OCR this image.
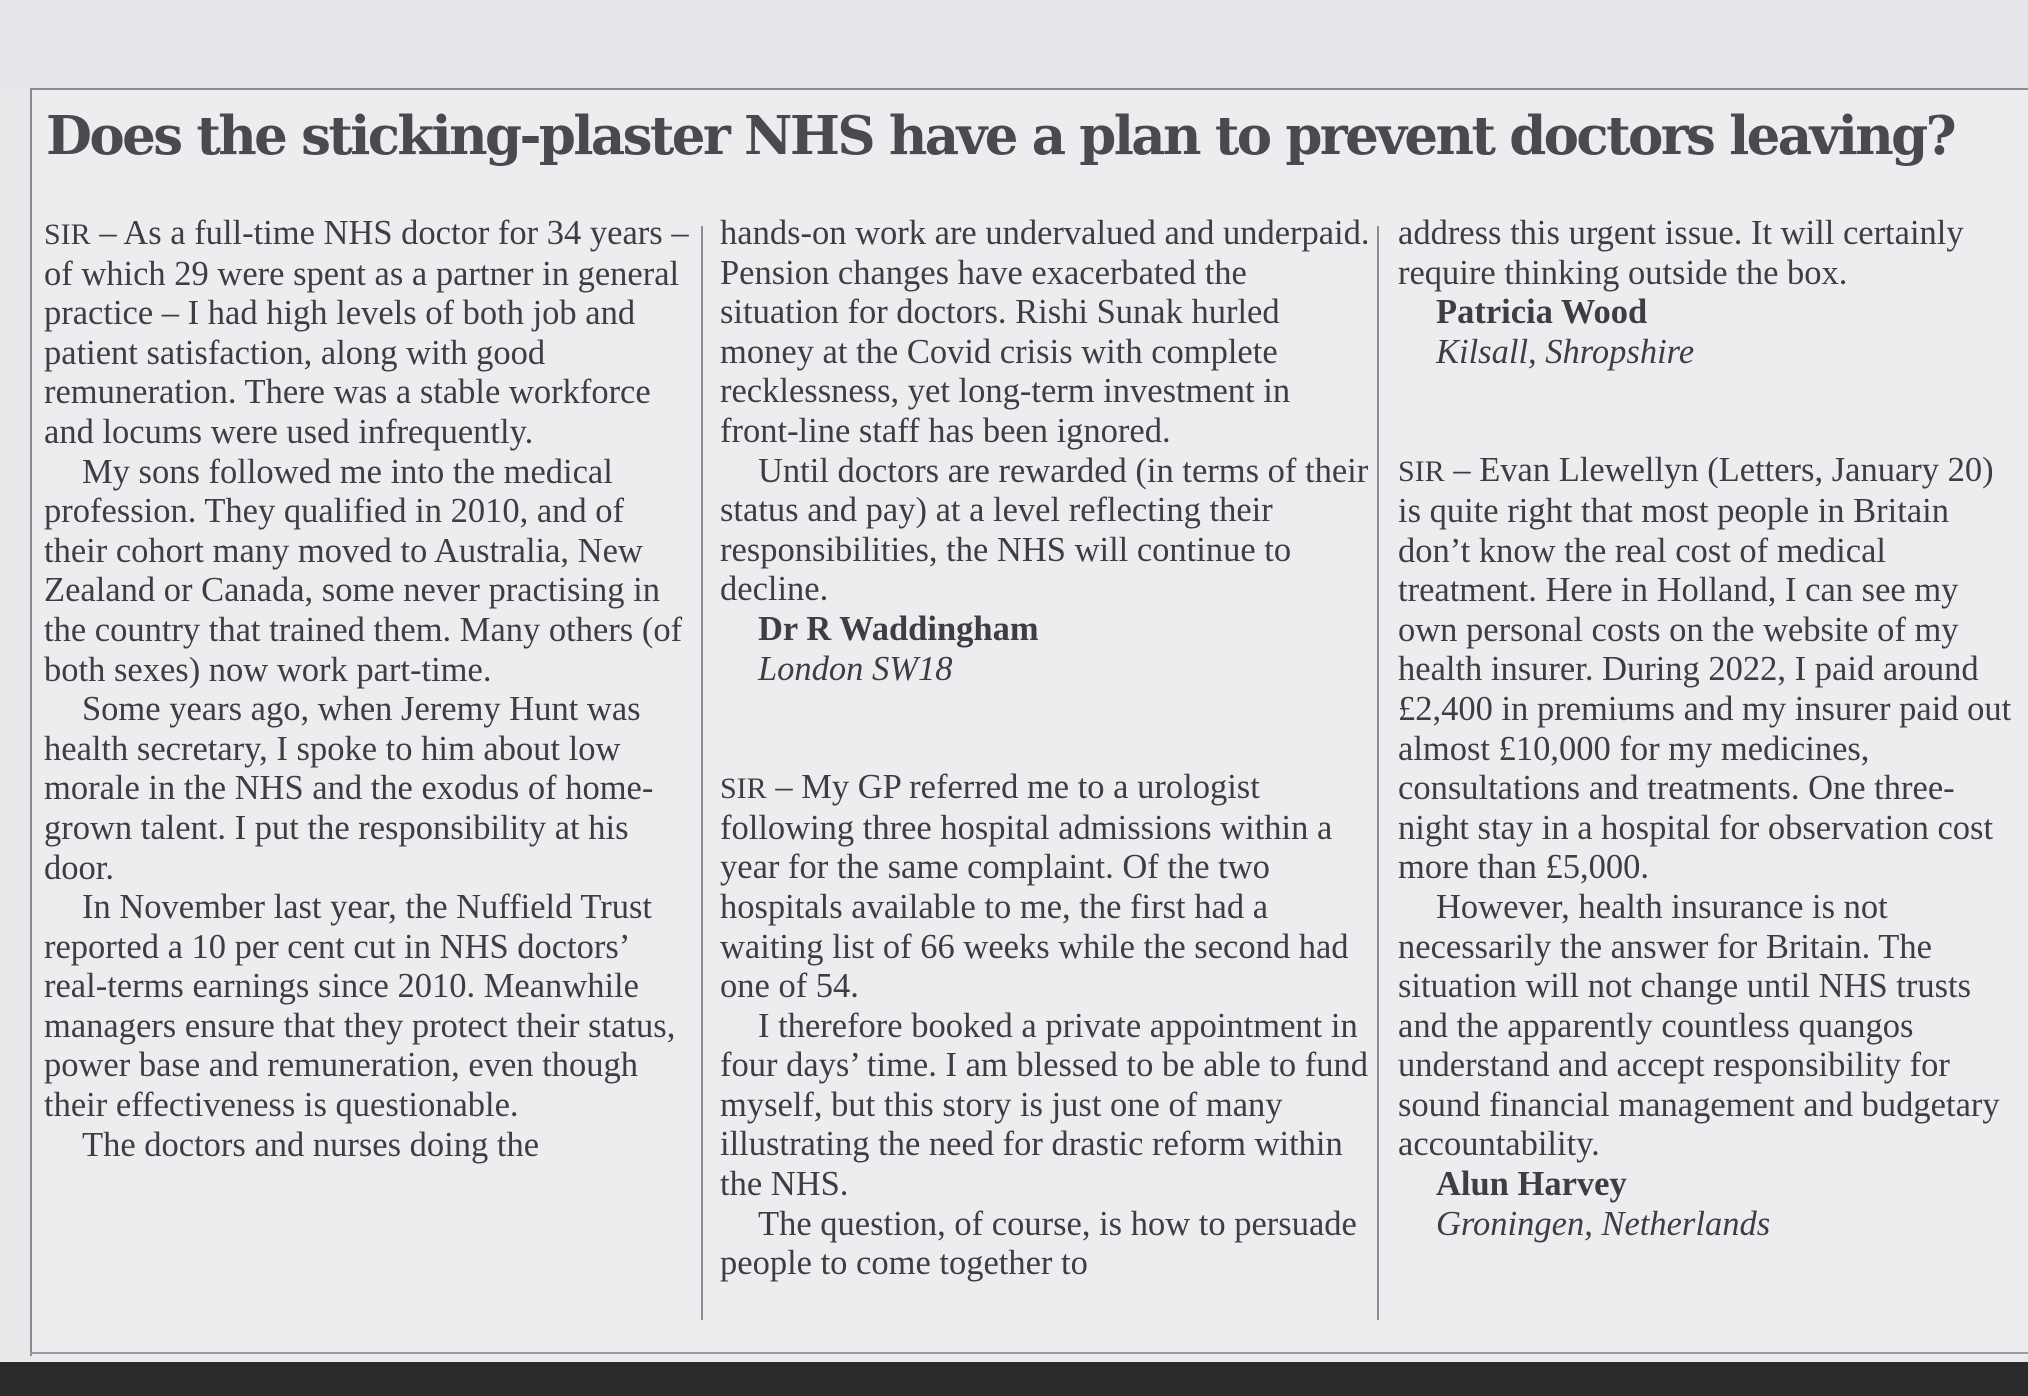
Does the sticking-plaster NHS have a plan to prevent doctors leaving?

SIR – As a full-time NHS doctor for 34 years – of which 29 were spent as a partner in general practice – I had high levels of both job and patient satisfaction, along with good remuneration. There was a stable workforce and locums were used infrequently.

My sons followed me into the medical profession. They qualified in 2010, and of their cohort many moved to Australia, New Zealand or Canada, some never practising in the country that trained them. Many others (of both sexes) now work part-time.

Some years ago, when Jeremy Hunt was health secretary, I spoke to him about low morale in the NHS and the exodus of home-grown talent. I put the responsibility at his door.

In November last year, the Nuffield Trust reported a 10 per cent cut in NHS doctors’ real-terms earnings since 2010. Meanwhile managers ensure that they protect their status, power base and remuneration, even though their effectiveness is questionable.

The doctors and nurses doing the

hands-on work are undervalued and underpaid. Pension changes have exacerbated the situation for doctors. Rishi Sunak hurled money at the Covid crisis with complete recklessness, yet long-term investment in front-line staff has been ignored.

Until doctors are rewarded (in terms of their status and pay) at a level reflecting their responsibilities, the NHS will continue to decline.

Dr R Waddingham

London SW18

SIR – My GP referred me to a urologist following three hospital admissions within a year for the same complaint. Of the two hospitals available to me, the first had a waiting list of 66 weeks while the second had one of 54.

I therefore booked a private appointment in four days’ time. I am blessed to be able to fund myself, but this story is just one of many illustrating the need for drastic reform within the NHS.

The question, of course, is how to persuade people to come together to

address this urgent issue. It will certainly require thinking outside the box.

Patricia Wood

Kilsall, Shropshire

SIR – Evan Llewellyn (Letters, January 20) is quite right that most people in Britain don’t know the real cost of medical treatment. Here in Holland, I can see my own personal costs on the website of my health insurer. During 2022, I paid around £2,400 in premiums and my insurer paid out almost £10,000 for my medicines, consultations and treatments. One three-night stay in a hospital for observation cost more than £5,000.

However, health insurance is not necessarily the answer for Britain. The situation will not change until NHS trusts and the apparently countless quangos understand and accept responsibility for sound financial management and budgetary accountability.

Alun Harvey

Groningen, Netherlands
